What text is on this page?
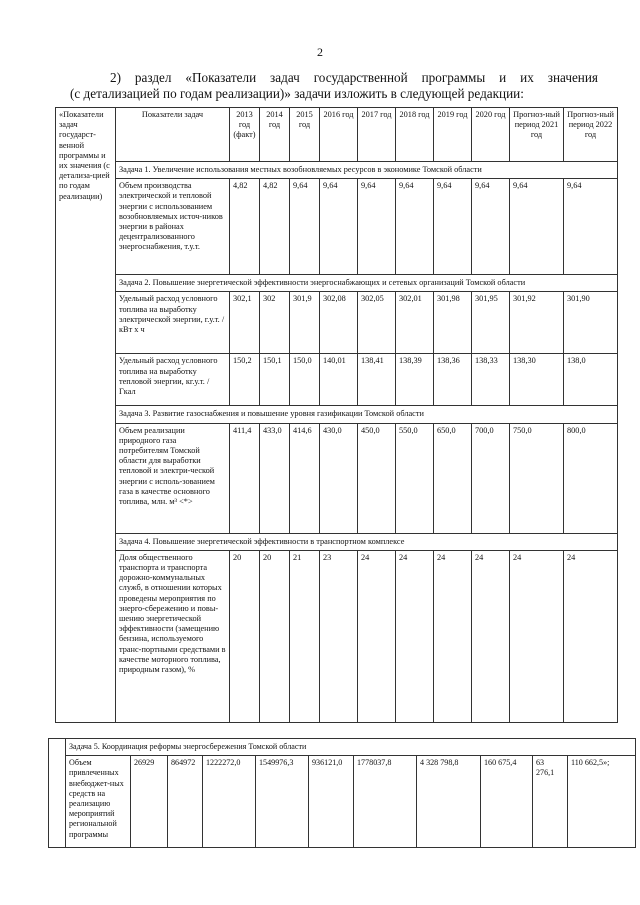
2
2) раздел «Показатели задач государственной программы и их значения
(с детализацией по годам реализации)» задачи изложить в следующей редакции:
«Показатели задач государст-венной программы и их значения (с детализа-цией по годам реализации)	Показатели задач	2013 год (факт)	2014 год	2015 год	2016 год	2017 год	2018 год	2019 год	2020 год	Прогноз-ный период 2021 год	Прогноз-ный период 2022 год
	Задача 1. Увеличение использования местных возобновляемых ресурсов в экономике Томской области										
	Объем производства электрической и тепловой энергии с использованием возобновляемых источ-ников энергии в районах децентрализованного энергоснабжения, т.у.т.	4,82	4,82	9,64	9,64	9,64	9,64	9,64	9,64	9,64	9,64
	Задача 2. Повышение энергетической эффективности энергоснабжающих и сетевых организаций Томской области										
	Удельный расход условного топлива на выработку электрической энергии, г.у.т. / кВт х ч	302,1	302	301,9	302,08	302,05	302,01	301,98	301,95	301,92	301,90
	Удельный расход условного топлива на выработку тепловой энергии, кг.у.т. / Гкал	150,2	150,1	150,0	140,01	138,41	138,39	138,36	138,33	138,30	138,0
	Задача 3. Развитие газоснабжения и повышение уровня газификации Томской области										
	Объем реализации природного газа потребителям Томской области для выработки тепловой и электри-ческой энергии с исполь-зованием газа в качестве основного топлива, млн. м³ <*>	411,4	433,0	414,6	430,0	450,0	550,0	650,0	700,0	750,0	800,0
	Задача 4. Повышение энергетической эффективности в транспортном комплексе										
	Доля общественного транспорта и транспорта дорожно-коммунальных служб, в отношении которых проведены мероприятия по энерго-сбережению и повы-шению энергетической эффективности (замещению бензина, используемого транс-портными средствами в качестве моторного топлива, природным газом), %	20	20	21	23	24	24	24	24	24	24
	Задача 5. Координация реформы энергосбережения Томской области										
	Объем привлеченных внебюджет-ных средств на реализацию мероприятий региональной программы	26929	864972	1222272,0	1549976,3	936121,0	1778037,8	4 328 798,8	160 675,4	63 276,1	110 662,5»;
